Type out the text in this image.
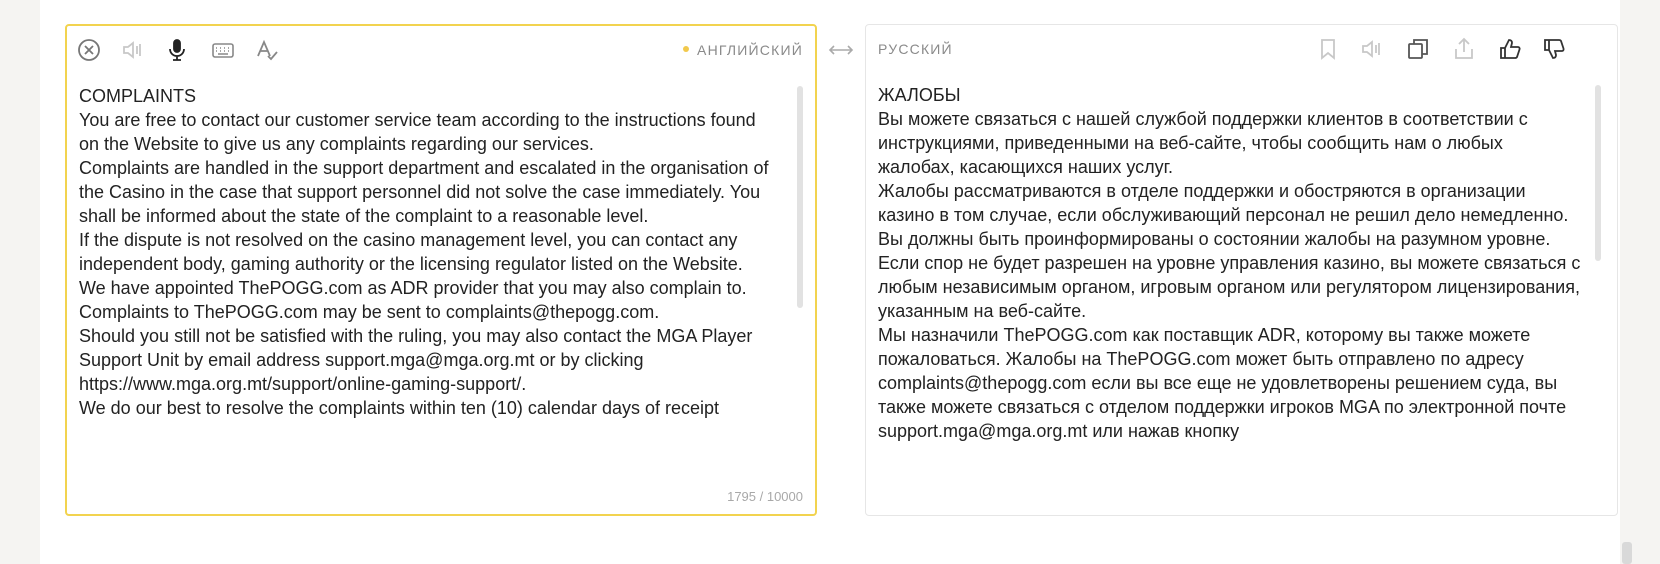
АНГЛИЙСКИЙ
COMPLAINTS
You are free to contact our customer service team according to the instructions found on the Website to give us any complaints regarding our services.
Complaints are handled in the support department and escalated in the organisation of the Casino in the case that support personnel did not solve the case immediately. You shall be informed about the state of the complaint to a reasonable level.
If the dispute is not resolved on the casino management level, you can contact any independent body, gaming authority or the licensing regulator listed on the Website.
We have appointed ThePOGG.com as ADR provider that you may also complain to. Complaints to ThePOGG.com may be sent to complaints@thepogg.com.
Should you still not be satisfied with the ruling, you may also contact the MGA Player Support Unit by email address support.mga@mga.org.mt or by clicking https://www.mga.org.mt/support/online-gaming-support/.
We do our best to resolve the complaints within ten (10) calendar days of receipt
1795 / 10000
РУССКИЙ
ЖАЛОБЫ
Вы можете связаться с нашей службой поддержки клиентов в соответствии с инструкциями, приведенными на веб-сайте, чтобы сообщить нам о любых жалобах, касающихся наших услуг.
Жалобы рассматриваются в отделе поддержки и обостряются в организации казино в том случае, если обслуживающий персонал не решил дело немедленно. Вы должны быть проинформированы о состоянии жалобы на разумном уровне.
Если спор не будет разрешен на уровне управления казино, вы можете связаться с любым независимым органом, игровым органом или регулятором лицензирования, указанным на веб-сайте.
Мы назначили ThePOGG.com как поставщик ADR, которому вы также можете пожаловаться. Жалобы на ThePOGG.com может быть отправлено по адресу complaints@thepogg.com если вы все еще не удовлетворены решением суда, вы также можете связаться с отделом поддержки игроков MGA по электронной почте support.mga@mga.org.mt или нажав кнопку
